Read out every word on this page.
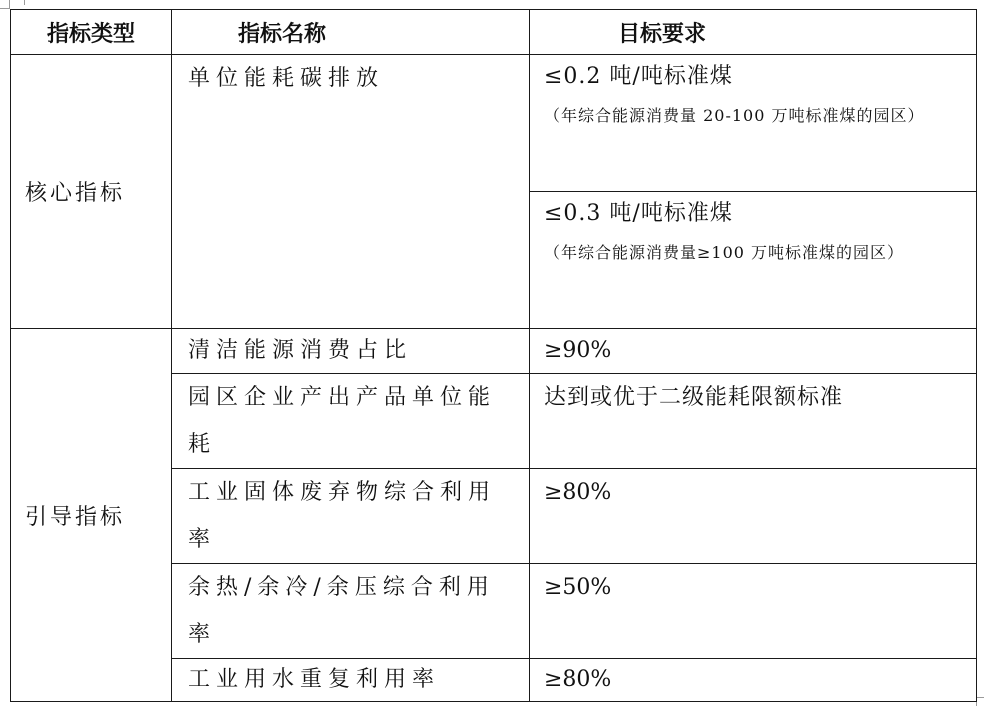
指标类型	指标名称	目标要求
核心指标	单位能耗碳排放	≤0.2 吨/吨标准煤
（年综合能源消费量 20-100 万吨标准煤的园区）

		≤0.3 吨/吨标准煤
（年综合能源消费量≥100 万吨标准煤的园区）

引导指标	清洁能源消费占比	≥90%
	园区企业产出产品单位能耗	达到或优于二级能耗限额标准
	工业固体废弃物综合利用率	≥80%
	余热/余冷/余压综合利用率	≥50%
	工业用水重复利用率	≥80%
